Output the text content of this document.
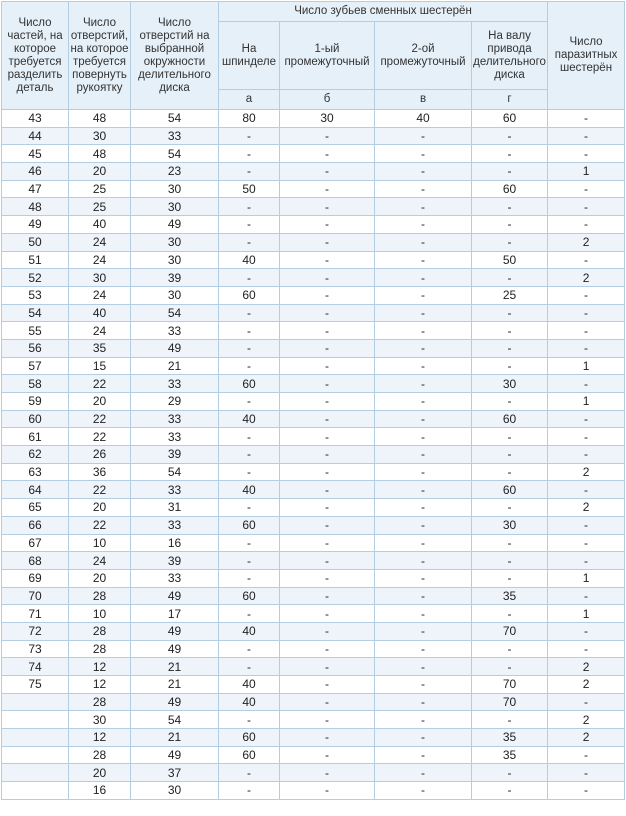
Число частей, на которое требуется разделить деталь	Число отверстий, на которое требуется повернуть рукоятку	Число отверстий на выбранной окружности делительного диска	Число зубьев сменных шестерён				Число паразитных шестерён
			На шпинделе	1-ый промежуточный	2-ой промежуточный	На валу привода делительного диска	
			а	б	в	г	
43	48	54	80	30	40	60	-
44	30	33	-	-	-	-	-
45	48	54	-	-	-	-	-
46	20	23	-	-	-	-	1
47	25	30	50	-	-	60	-
48	25	30	-	-	-	-	-
49	40	49	-	-	-	-	-
50	24	30	-	-	-	-	2
51	24	30	40	-	-	50	-
52	30	39	-	-	-	-	2
53	24	30	60	-	-	25	-
54	40	54	-	-	-	-	-
55	24	33	-	-	-	-	-
56	35	49	-	-	-	-	-
57	15	21	-	-	-	-	1
58	22	33	60	-	-	30	-
59	20	29	-	-	-	-	1
60	22	33	40	-	-	60	-
61	22	33	-	-	-	-	-
62	26	39	-	-	-	-	-
63	36	54	-	-	-	-	2
64	22	33	40	-	-	60	-
65	20	31	-	-	-	-	2
66	22	33	60	-	-	30	-
67	10	16	-	-	-	-	-
68	24	39	-	-	-	-	-
69	20	33	-	-	-	-	1
70	28	49	60	-	-	35	-
71	10	17	-	-	-	-	1
72	28	49	40	-	-	70	-
73	28	49	-	-	-	-	-
74	12	21	-	-	-	-	2
75	12	21	40	-	-	70	2
	28	49	40	-	-	70	-
	30	54	-	-	-	-	2
	12	21	60	-	-	35	2
	28	49	60	-	-	35	-
	20	37	-	-	-	-	-
	16	30	-	-	-	-	-
